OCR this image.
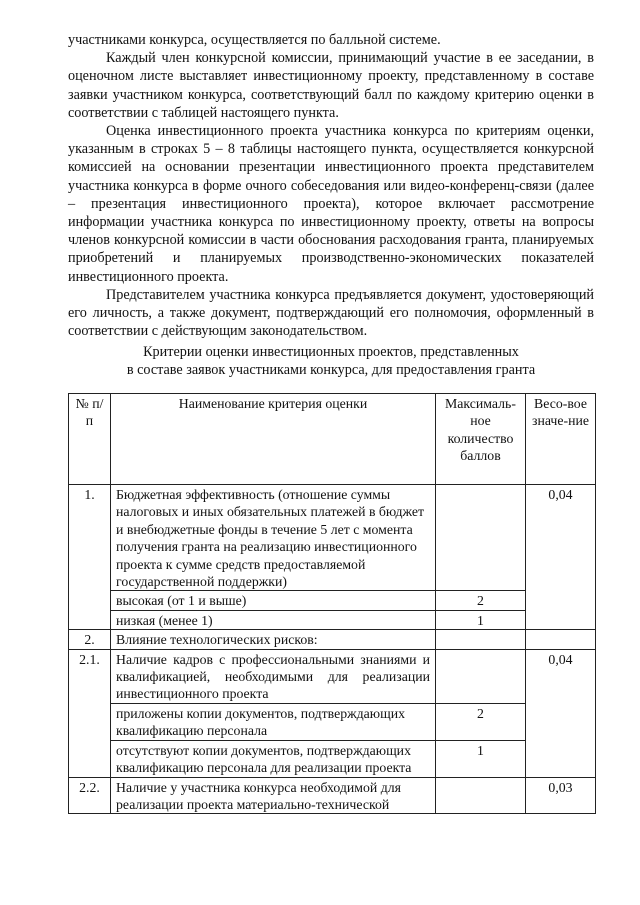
участниками конкурса, осуществляется по балльной системе.

Каждый член конкурсной комиссии, принимающий участие в ее заседании, в оценочном листе выставляет инвестиционному проекту, представленному в составе заявки участником конкурса, соответствующий балл по каждому критерию оценки в соответствии с таблицей настоящего пункта.

Оценка инвестиционного проекта участника конкурса по критериям оценки, указанным в строках 5 – 8 таблицы настоящего пункта, осуществляется конкурсной комиссией на основании презентации инвестиционного проекта представителем участника конкурса в форме очного собеседования или видео-конференц-связи (далее – презентация инвестиционного проекта), которое включает рассмотрение информации участника конкурса по инвестиционному проекту, ответы на вопросы членов конкурсной комиссии в части обоснования расходования гранта, планируемых приобретений и планируемых производственно-экономических показателей инвестиционного проекта.

Представителем участника конкурса предъявляется документ, удостоверяющий его личность, а также документ, подтверждающий его полномочия, оформленный в соответствии с действующим законодательством.

Критерии оценки инвестиционных проектов, представленных
в составе заявок участниками конкурса, для предоставления гранта
№ п/п	Наименование критерия оценки	Максималь-ное количество баллов	Весо-вое значе-ние
1.	Бюджетная эффективность (отношение суммы налоговых и иных обязательных платежей в бюджет и внебюджетные фонды в течение 5 лет с момента получения гранта на реализацию инвестиционного проекта к сумме средств предоставляемой государственной поддержки)		0,04
	высокая (от 1 и выше)	2	
	низкая (менее 1)	1	
2.	Влияние технологических рисков:		
2.1.	Наличие кадров с профессиональными знаниями и квалификацией, необходимыми для реализации инвестиционного проекта		0,04
	приложены копии документов, подтверждающих квалификацию персонала	2	
	отсутствуют копии документов, подтверждающих квалификацию персонала для реализации проекта	1	
2.2.	Наличие у участника конкурса необходимой для реализации проекта материально-технической		0,03
